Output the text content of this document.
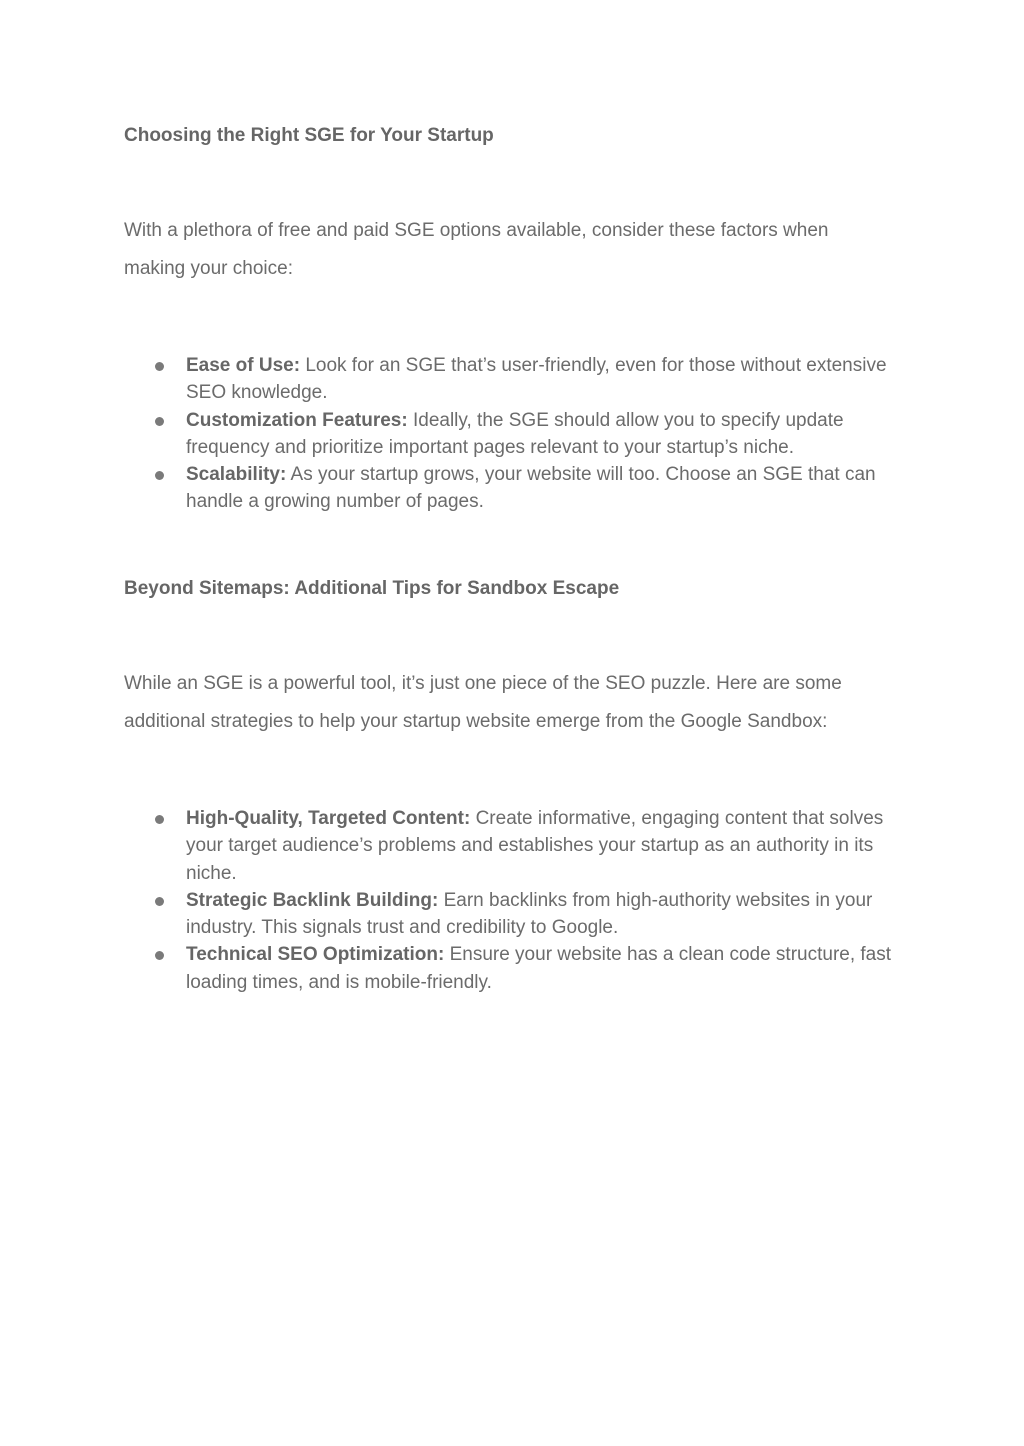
Choosing the Right SGE for Your Startup

With a plethora of free and paid SGE options available, consider these factors when making your choice:

Ease of Use: Look for an SGE that’s user-friendly, even for those without extensive SEO knowledge.
Customization Features: Ideally, the SGE should allow you to specify update frequency and prioritize important pages relevant to your startup’s niche.
Scalability: As your startup grows, your website will too. Choose an SGE that can handle a growing number of pages.
Beyond Sitemaps: Additional Tips for Sandbox Escape

While an SGE is a powerful tool, it’s just one piece of the SEO puzzle. Here are some additional strategies to help your startup website emerge from the Google Sandbox:

High-Quality, Targeted Content: Create informative, engaging content that solves your target audience’s problems and establishes your startup as an authority in its niche.
Strategic Backlink Building: Earn backlinks from high-authority websites in your industry. This signals trust and credibility to Google.
Technical SEO Optimization: Ensure your website has a clean code structure, fast loading times, and is mobile-friendly.
